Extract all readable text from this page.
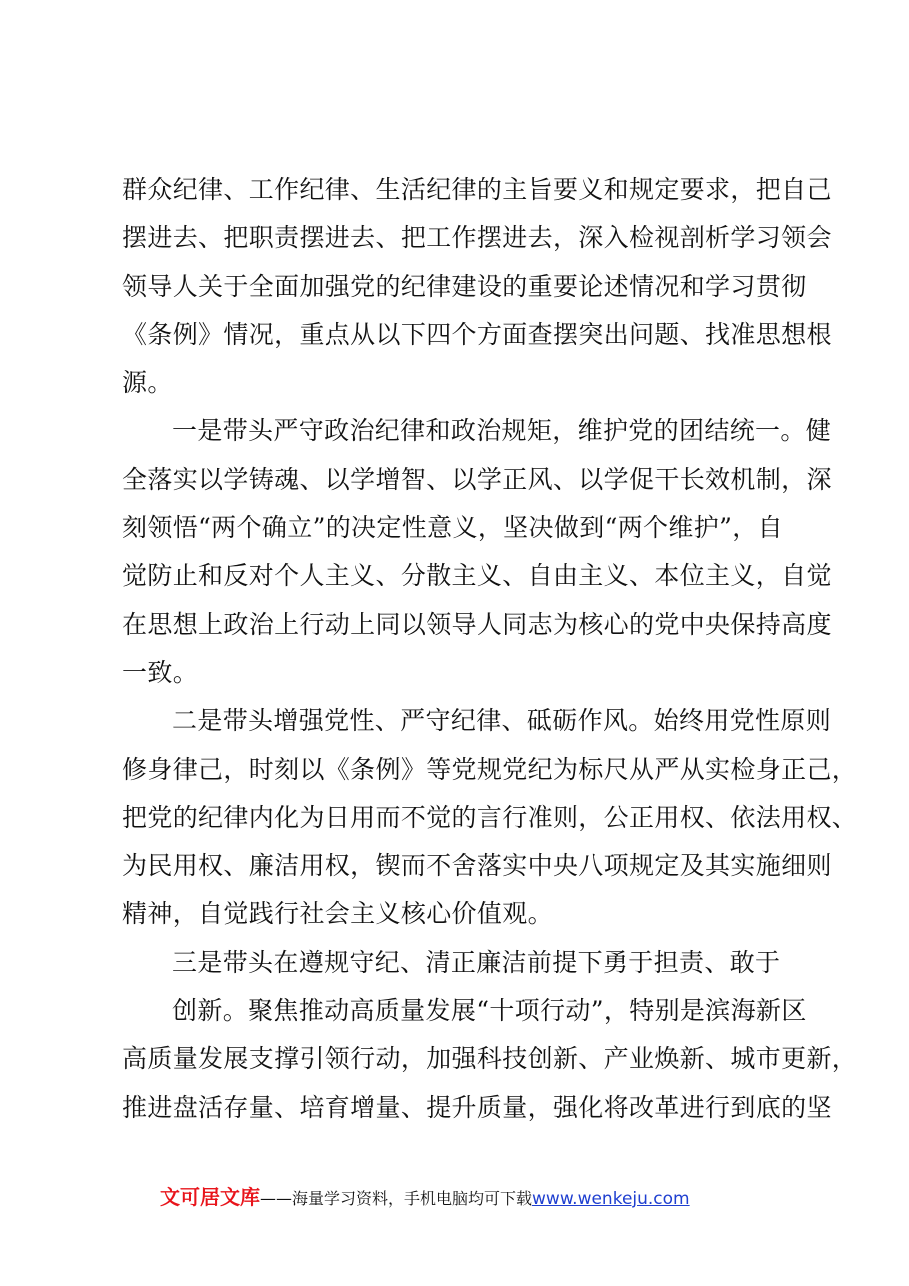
群众纪律、工作纪律、生活纪律的主旨要义和规定要求，把自己
摆进去、把职责摆进去、把工作摆进去，深入检视剖析学习领会
领导人关于全面加强党的纪律建设的重要论述情况和学习贯彻
《条例》情况，重点从以下四个方面查摆突出问题、找准思想根
源。
一是带头严守政治纪律和政治规矩，维护党的团结统一。健
全落实以学铸魂、以学增智、以学正风、以学促干长效机制，深
刻领悟“两个确立”的决定性意义，坚决做到“两个维护”，自
觉防止和反对个人主义、分散主义、自由主义、本位主义，自觉
在思想上政治上行动上同以领导人同志为核心的党中央保持高度
一致。
二是带头增强党性、严守纪律、砥砺作风。始终用党性原则
修身律己，时刻以《条例》等党规党纪为标尺从严从实检身正己，
把党的纪律内化为日用而不觉的言行准则，公正用权、依法用权、
为民用权、廉洁用权，锲而不舍落实中央八项规定及其实施细则
精神，自觉践行社会主义核心价值观。
三是带头在遵规守纪、清正廉洁前提下勇于担责、敢于
创新。聚焦推动高质量发展“十项行动”，特别是滨海新区
高质量发展支撑引领行动，加强科技创新、产业焕新、城市更新，
推进盘活存量、培育增量、提升质量，强化将改革进行到底的坚
文可居文库——海量学习资料，手机电脑均可下载www.wenkeju.com
